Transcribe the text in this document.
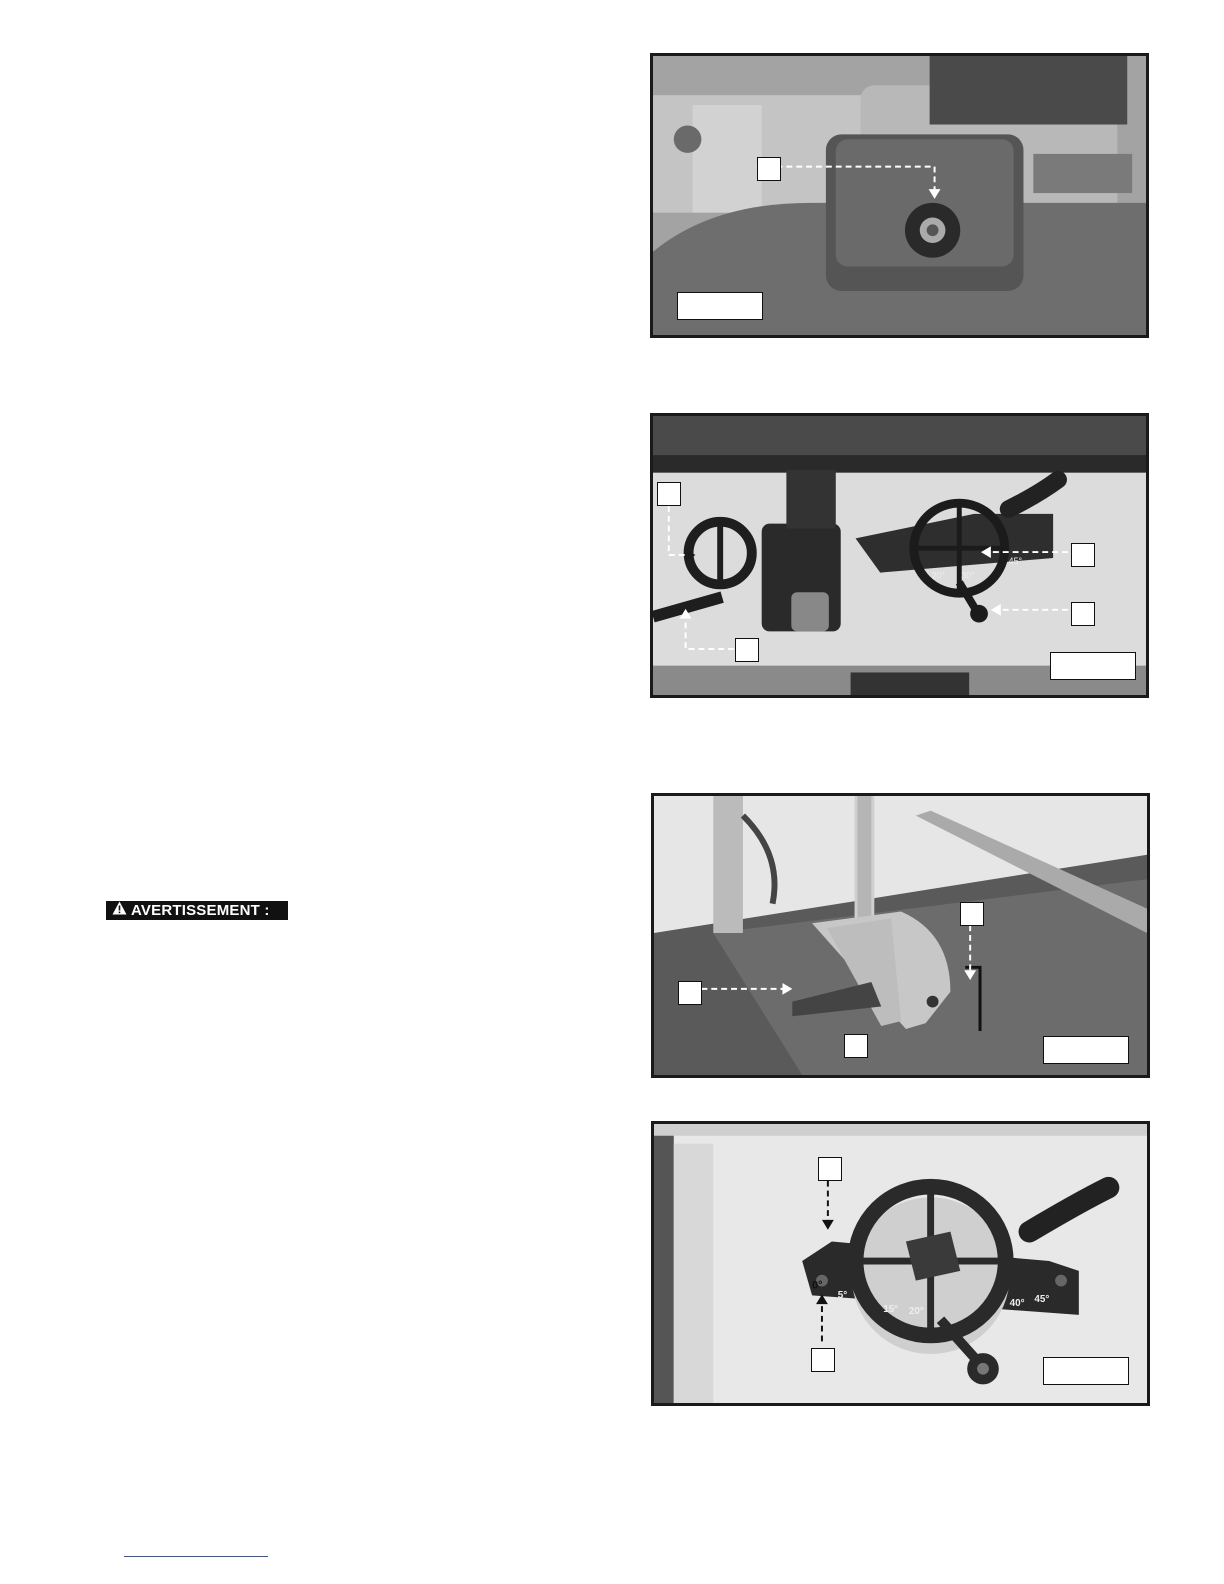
20° 30°
45°
AVERTISSEMENT :
0°
5°
15° 20°
40° 45°
